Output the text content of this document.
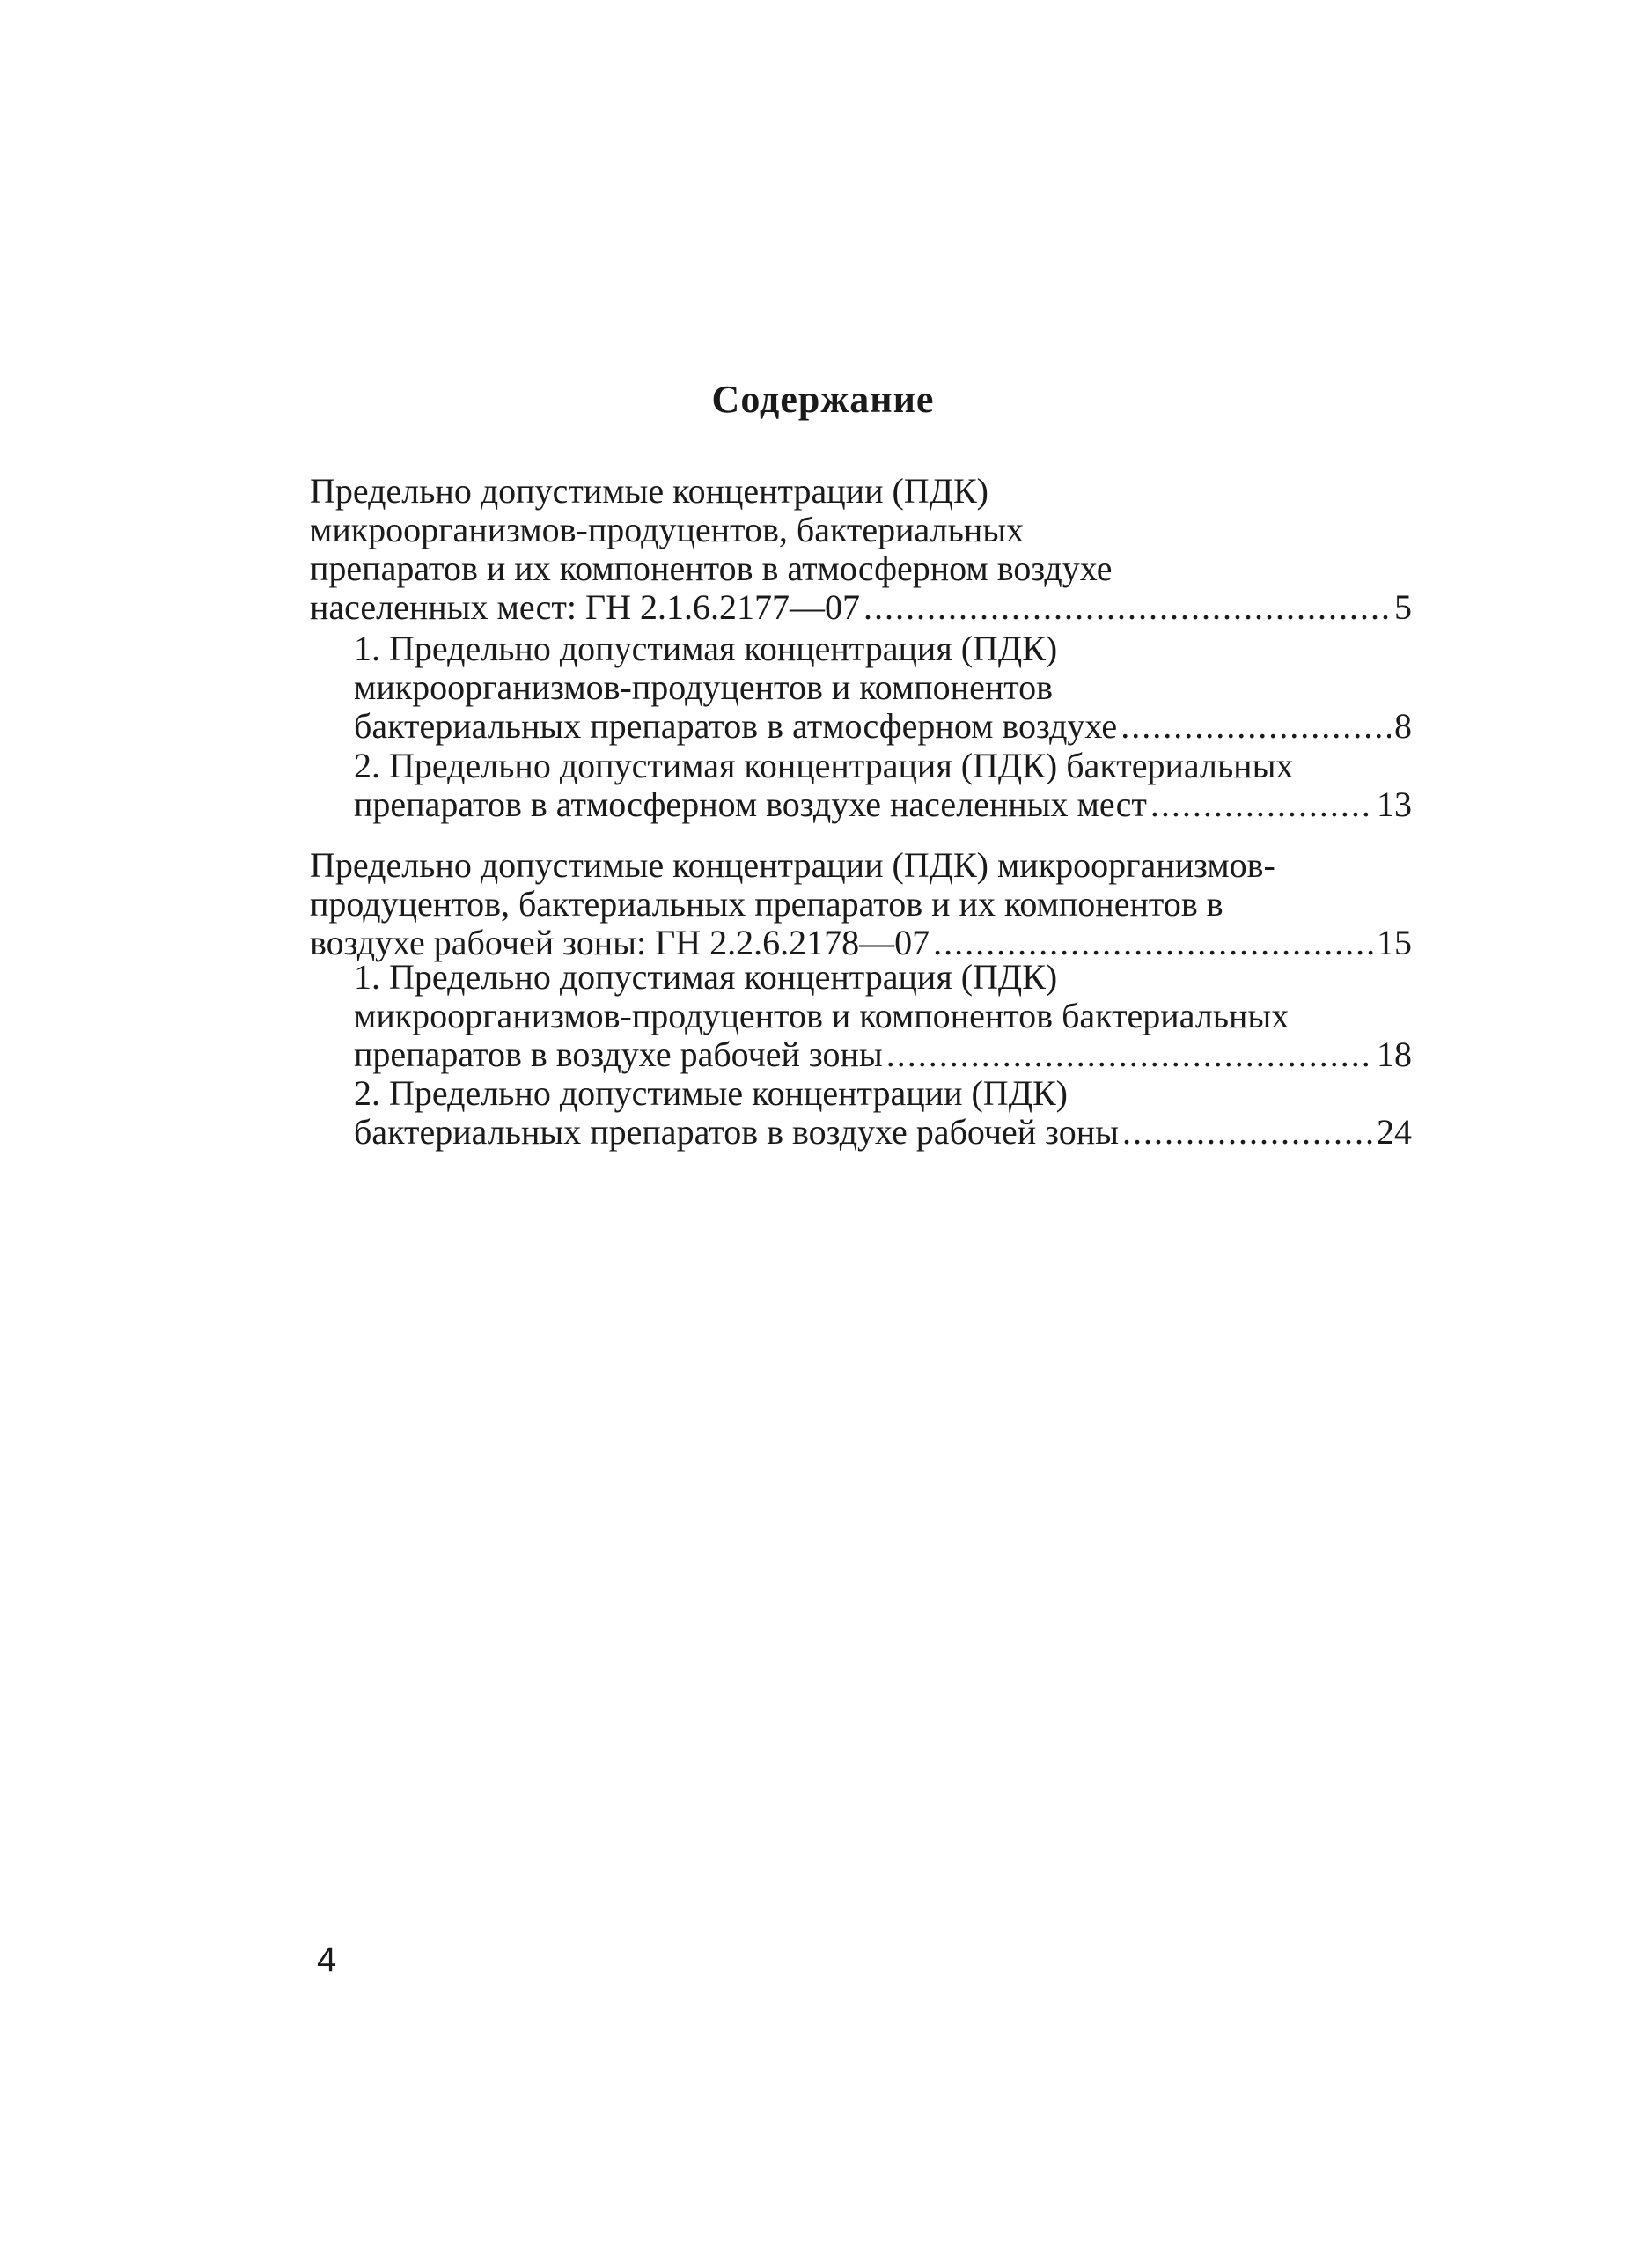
Содержание
Предельно допустимые концентрации (ПДК)
микроорганизмов-продуцентов, бактериальных
препаратов и их компонентов в атмосферном воздухе
населенных мест: ГН 2.1.6.2177—07 .....	5
1. Предельно допустимая концентрация (ПДК)
микроорганизмов-продуцентов и компонентов
бактериальных препаратов в атмосферном воздухе .....	8
2. Предельно допустимая концентрация (ПДК) бактериальных
препаратов в атмосферном воздухе населенных мест .....	13
Предельно допустимые концентрации (ПДК) микроорганизмов-
продуцентов, бактериальных препаратов и их компонентов в
воздухе рабочей зоны: ГН 2.2.6.2178—07 .....	15
1. Предельно допустимая концентрация (ПДК)
микроорганизмов-продуцентов и компонентов бактериальных
препаратов в воздухе рабочей зоны .....	18
2. Предельно допустимые концентрации (ПДК)
бактериальных препаратов в воздухе рабочей зоны .....	24

4
